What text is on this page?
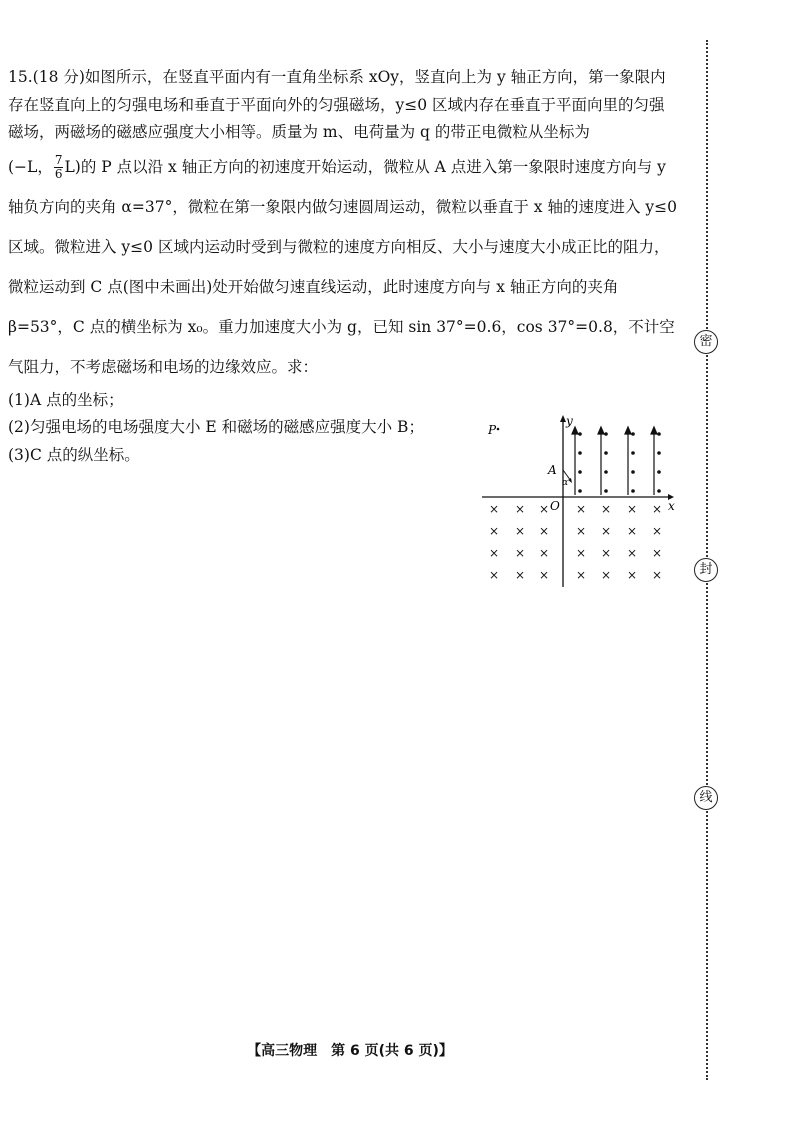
15.(18 分)如图所示，在竖直平面内有一直角坐标系 xOy，竖直向上为 y 轴正方向，第一象限内存在竖直向上的匀强电场和垂直于平面向外的匀强磁场，y≤0 区域内存在垂直于平面向里的匀强磁场，两磁场的磁感应强度大小相等。质量为 m、电荷量为 q 的带正电微粒从坐标为

(−L， $\frac{7}{6} L$)的 P 点以沿 x 轴正方向的初速度开始运动，微粒从 A 点进入第一象限时速度方向与 y 轴负方向的夹角 α=37°，微粒在第一象限内做匀速圆周运动，微粒以垂直于 x 轴的速度进入 y≤0 区域。微粒进入 y≤0 区域内运动时受到与微粒的速度方向相反、大小与速度大小成正比的阻力，微粒运动到 C 点(图中未画出)处开始做匀速直线运动，此时速度方向与 x 轴正方向的夹角 β=53°，C 点的横坐标为 x₀。重力加速度大小为 g，已知 sin 37°=0.6，cos 37°=0.8，不计空气阻力，不考虑磁场和电场的边缘效应。求：

(1)A 点的坐标；

(2)匀强电场的电场强度大小 E 和磁场的磁感应强度大小 B；

(3)C 点的纵坐标。

P
A
α
O	x
y
× × × × × × ×
× × × × × × ×
× × × × × × ×
× × × × × × ×
【高三物理　第 6 页(共 6 页)】
密
封
线
